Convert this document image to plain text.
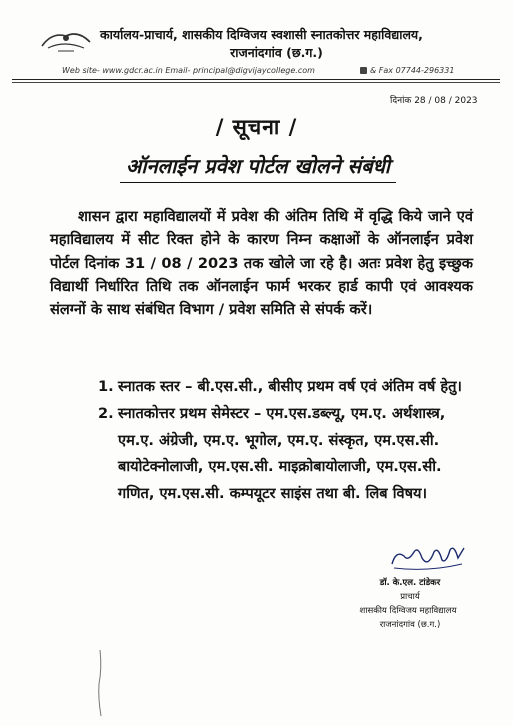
कार्यालय-प्राचार्य, शासकीय दिग्विजय स्वशासी स्नातकोत्तर महाविद्यालय,
राजनांदगांव (छ.ग.)
Web site- www.gdcr.ac.in Email- principal@digvijaycollege.com	& Fax 07744-296331
दिनांक 28 / 08 / 2023
/ सूचना /
ऑनलाईन प्रवेश पोर्टल खोलने संबंधी
शासन द्वारा महाविद्यालयों में प्रवेश की अंतिम तिथि में वृद्धि किये जाने एवं महाविद्यालय में सीट रिक्त होने के कारण निम्न कक्षाओं के ऑनलाईन प्रवेश पोर्टल दिनांक 31 / 08 / 2023 तक खोले जा रहे है। अतः प्रवेश हेतु इच्छुक विद्यार्थी निर्धारित तिथि तक ऑनलाईन फार्म भरकर हार्ड कापी एवं आवश्यक संलग्नों के साथ संबंधित विभाग / प्रवेश समिति से संपर्क करें।
1. स्नातक स्तर – बी.एस.सी., बीसीए प्रथम वर्ष एवं अंतिम वर्ष हेतु।
2. स्नातकोत्तर प्रथम सेमेस्टर – एम.एस.डब्ल्यू, एम.ए. अर्थशास्त्र, एम.ए. अंग्रेजी, एम.ए. भूगोल, एम.ए. संस्कृत, एम.एस.सी. बायोटेक्नोलाजी, एम.एस.सी. माइक्रोबायोलाजी, एम.एस.सी. गणित, एम.एस.सी. कम्पयूटर साइंस तथा बी. लिब विषय।
डॉ. के.एल. टांडेकर
प्राचार्य
शासकीय दिग्विजय महाविद्यालय
राजनांदगांव (छ.ग.)
